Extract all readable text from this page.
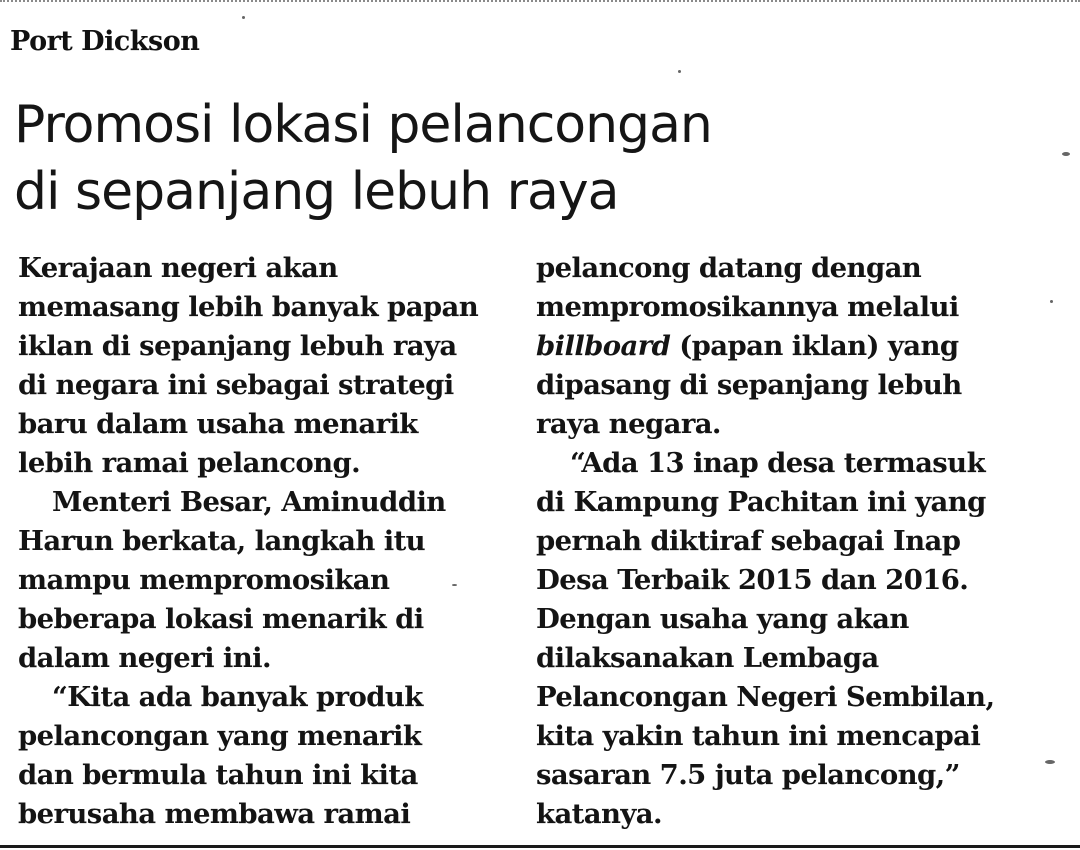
Port Dickson
Promosi lokasi pelancongan
di sepanjang lebuh raya
Kerajaan negeri akan
memasang lebih banyak papan
iklan di sepanjang lebuh raya
di negara ini sebagai strategi
baru dalam usaha menarik
lebih ramai pelancong.
Menteri Besar, Aminuddin
Harun berkata, langkah itu
mampu mempromosikan
beberapa lokasi menarik di
dalam negeri ini.
“Kita ada banyak produk
pelancongan yang menarik
dan bermula tahun ini kita
berusaha membawa ramai
pelancong datang dengan
mempromosikannya melalui
billboard (papan iklan) yang
dipasang di sepanjang lebuh
raya negara.
“Ada 13 inap desa termasuk
di Kampung Pachitan ini yang
pernah diktiraf sebagai Inap
Desa Terbaik 2015 dan 2016.
Dengan usaha yang akan
dilaksanakan Lembaga
Pelancongan Negeri Sembilan,
kita yakin tahun ini mencapai
sasaran 7.5 juta pelancong,”
katanya.
